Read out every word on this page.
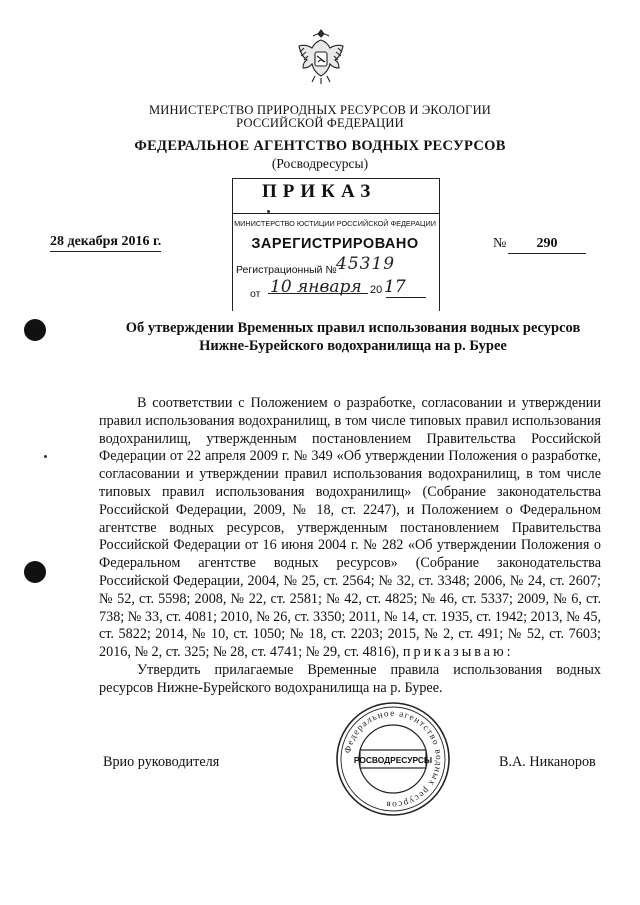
МИНИСТЕРСТВО ПРИРОДНЫХ РЕСУРСОВ И ЭКОЛОГИИ
РОССИЙСКОЙ ФЕДЕРАЦИИ
ФЕДЕРАЛЬНОЕ АГЕНТСТВО ВОДНЫХ РЕСУРСОВ
(Росводресурсы)
ПРИКАЗ
МИНИСТЕРСТВО ЮСТИЦИИ РОССИЙСКОЙ ФЕДЕРАЦИИ
ЗАРЕГИСТРИРОВАНО
Регистрационный № 45319
от 10 января 20 17
28 декабря 2016 г.	№	290
Об утверждении Временных правил использования водных ресурсов
Нижне-Бурейского водохранилища на р. Бурее

В соответствии с Положением о разработке, согласовании и утверждении правил использования водохранилищ, в том числе типовых правил использования водохранилищ, утвержденным постановлением Правительства Российской Федерации от 22 апреля 2009 г. № 349 «Об утверждении Положения о разработке, согласовании и утверждении правил использования водохранилищ, в том числе типовых правил использования водохранилищ» (Собрание законодательства Российской Федерации, 2009, № 18, ст. 2247), и Положением о Федеральном агентстве водных ресурсов, утвержденным постановлением Правительства Российской Федерации от 16 июня 2004 г. № 282 «Об утверждении Положения о Федеральном агентстве водных ресурсов» (Собрание законодательства Российской Федерации, 2004, № 25, ст. 2564; № 32, ст. 3348; 2006, № 24, ст. 2607; № 52, ст. 5598; 2008, № 22, ст. 2581; № 42, ст. 4825; № 46, ст. 5337; 2009, № 6, ст. 738; № 33, ст. 4081; 2010, № 26, ст. 3350; 2011, № 14, ст. 1935, ст. 1942; 2013, № 45, ст. 5822; 2014, № 10, ст. 1050; № 18, ст. 2203; 2015, № 2, ст. 491; № 52, ст. 7603; 2016, № 2, ст. 325; № 28, ст. 4741; № 29, ст. 4816), приказываю:

Утвердить прилагаемые Временные правила использования водных ресурсов Нижне-Бурейского водохранилища на р. Бурее.

Врио руководителя	В.А. Никаноров
Федеральное агентство водных ресурсов
РОСВОДРЕСУРСЫ
